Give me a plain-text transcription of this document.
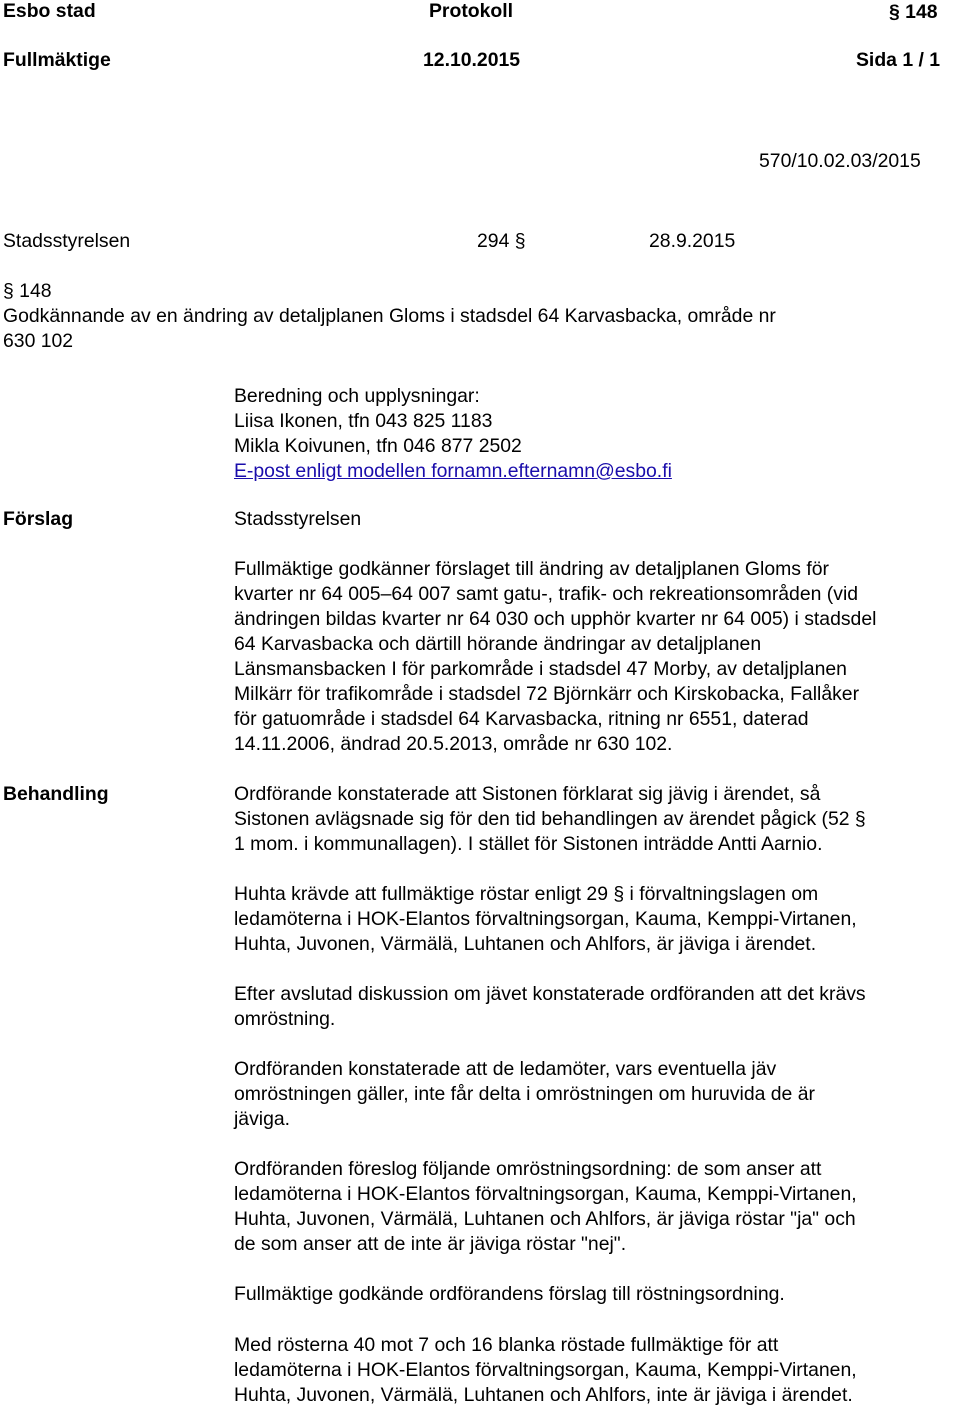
Esbo stad	Protokoll	§ 148
Fullmäktige	12.10.2015	Sida 1 / 1
570/10.02.03/2015
Stadsstyrelsen	294 §	28.9.2015
§ 148
Godkännande av en ändring av detaljplanen Gloms i stadsdel 64 Karvasbacka, område nr
630 102
Beredning och upplysningar:
Liisa Ikonen, tfn 043 825 1183
Mikla Koivunen, tfn 046 877 2502
E-post enligt modellen fornamn.efternamn@esbo.fi
Förslag	Stadsstyrelsen
Fullmäktige godkänner förslaget till ändring av detaljplanen Gloms för
kvarter nr 64 005–64 007 samt gatu-, trafik- och rekreationsområden (vid
ändringen bildas kvarter nr 64 030 och upphör kvarter nr 64 005) i stadsdel
64 Karvasbacka och därtill hörande ändringar av detaljplanen
Länsmansbacken I för parkområde i stadsdel 47 Morby, av detaljplanen
Milkärr för trafikområde i stadsdel 72 Björnkärr och Kirskobacka, Fallåker
för gatuområde i stadsdel 64 Karvasbacka, ritning nr 6551, daterad
14.11.2006, ändrad 20.5.2013, område nr 630 102.
Behandling	Ordförande konstaterade att Sistonen förklarat sig jävig i ärendet, så
Sistonen avlägsnade sig för den tid behandlingen av ärendet pågick (52 §
1 mom. i kommunallagen). I stället för Sistonen inträdde Antti Aarnio.
Huhta krävde att fullmäktige röstar enligt 29 § i förvaltningslagen om
ledamöterna i HOK-Elantos förvaltningsorgan, Kauma, Kemppi-Virtanen,
Huhta, Juvonen, Värmälä, Luhtanen och Ahlfors, är jäviga i ärendet.
Efter avslutad diskussion om jävet konstaterade ordföranden att det krävs
omröstning.
Ordföranden konstaterade att de ledamöter, vars eventuella jäv
omröstningen gäller, inte får delta i omröstningen om huruvida de är
jäviga.
Ordföranden föreslog följande omröstningsordning: de som anser att
ledamöterna i HOK-Elantos förvaltningsorgan, Kauma, Kemppi-Virtanen,
Huhta, Juvonen, Värmälä, Luhtanen och Ahlfors, är jäviga röstar "ja" och
de som anser att de inte är jäviga röstar "nej".
Fullmäktige godkände ordförandens förslag till röstningsordning.
Med rösterna 40 mot 7 och 16 blanka röstade fullmäktige för att
ledamöterna i HOK-Elantos förvaltningsorgan, Kauma, Kemppi-Virtanen,
Huhta, Juvonen, Värmälä, Luhtanen och Ahlfors, inte är jäviga i ärendet.
